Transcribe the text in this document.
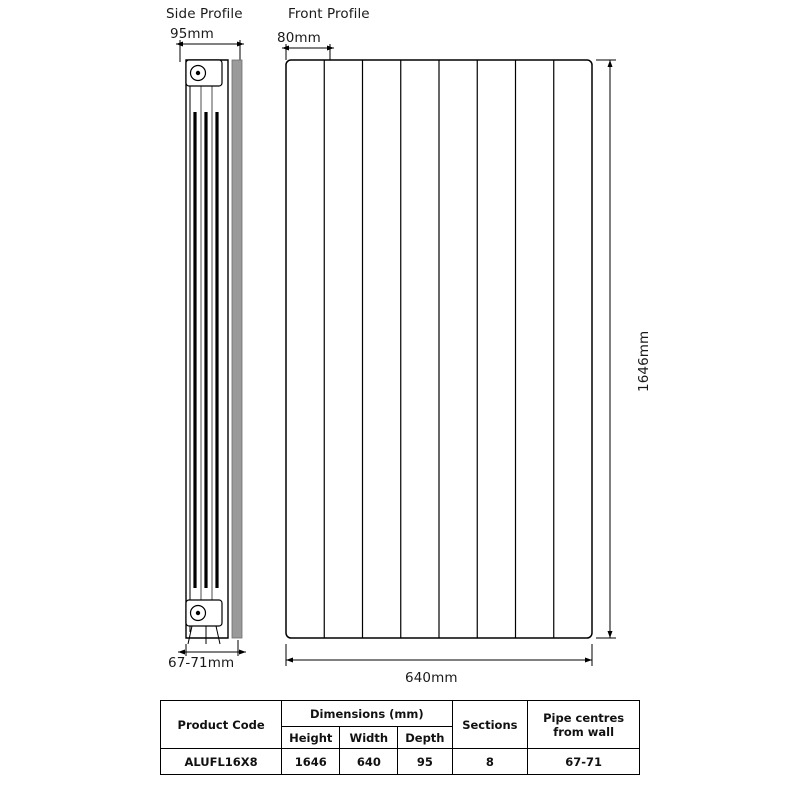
Side Profile	Front Profile
95mm	80mm
67-71mm
1646mm
640mm
Product Code	Dimensions (mm)			Sections	Pipe centres from wall
	Height	Width	Depth		
ALUFL16X8	1646	640	95	8	67-71
